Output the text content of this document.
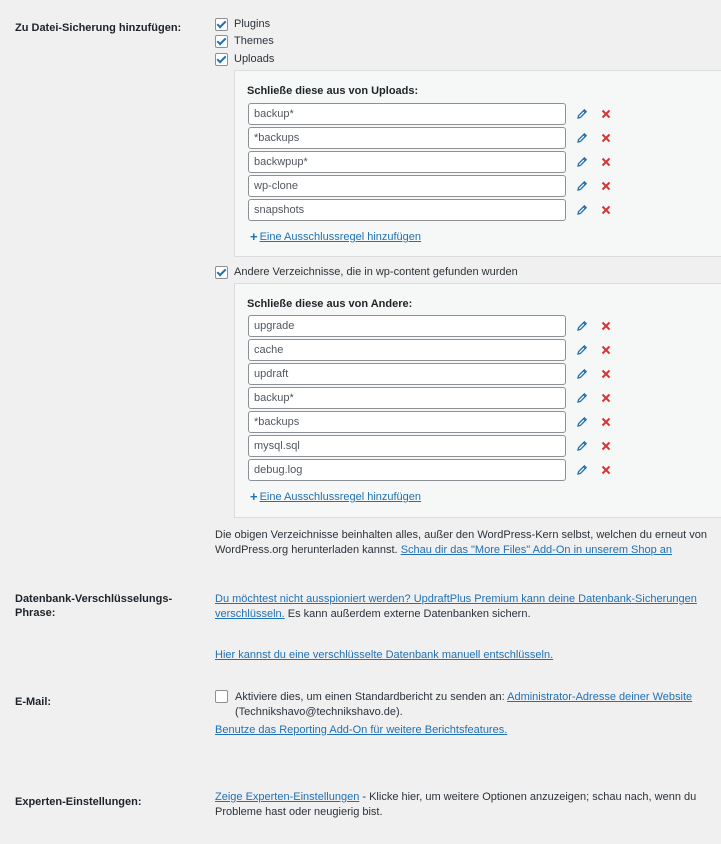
Zu Datei-Sicherung hinzufügen:	Plugins
Themes
Uploads
Schließe diese aus von Uploads:
backup*
*backups
backwpup*
wp-clone
snapshots
+ Eine Ausschlussregel hinzufügen
Andere Verzeichnisse, die in wp-content gefunden wurden
Schließe diese aus von Andere:
upgrade
cache
updraft
backup*
*backups
mysql.sql
debug.log
+ Eine Ausschlussregel hinzufügen
Die obigen Verzeichnisse beinhalten alles, außer den WordPress-Kern selbst, welchen du erneut von WordPress.org herunterladen kannst. Schau dir das "More Files" Add-On in unserem Shop an
Datenbank-Verschlüsselungs-
Phrase:
Du möchtest nicht ausspioniert werden? UpdraftPlus Premium kann deine Datenbank-Sicherungen verschlüsseln. Es kann außerdem externe Datenbanken sichern.
Hier kannst du eine verschlüsselte Datenbank manuell entschlüsseln.
E-Mail:	Aktiviere dies, um einen Standardbericht zu senden an: Administrator-Adresse deiner Website
(Technikshavo@technikshavo.de).
Benutze das Reporting Add-On für weitere Berichtsfeatures.
Experten-Einstellungen:	Zeige Experten-Einstellungen - Klicke hier, um weitere Optionen anzuzeigen; schau nach, wenn du Probleme hast oder neugierig bist.
